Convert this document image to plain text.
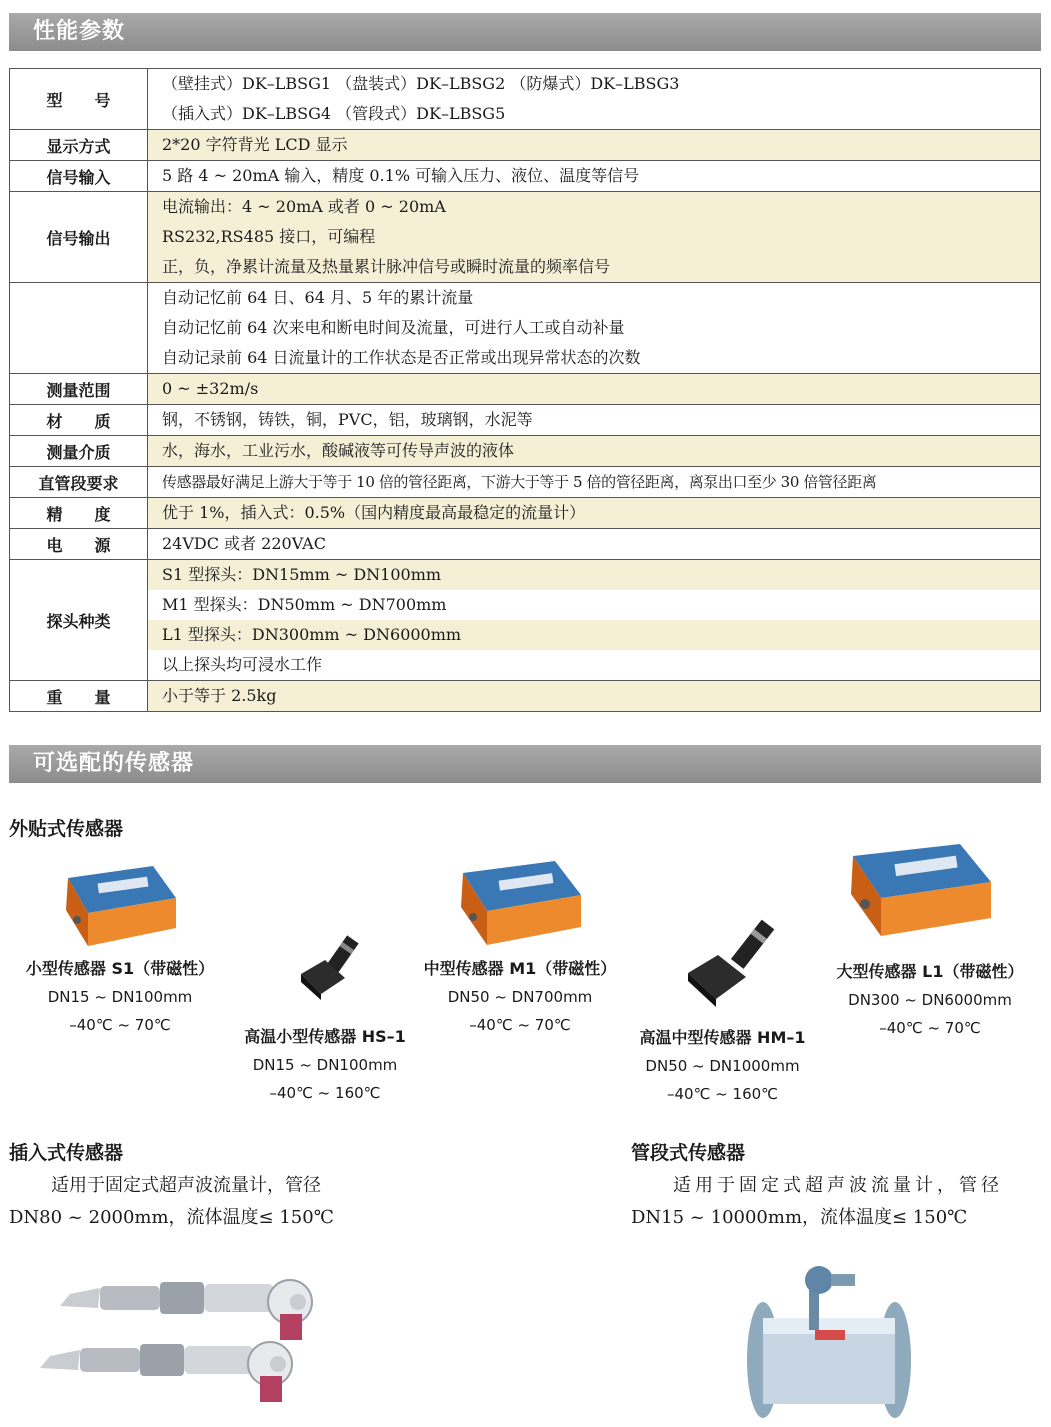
性能参数
型　　号	（壁挂式）DK–LBSG1 （盘装式）DK–LBSG2 （防爆式）DK–LBSG3
（插入式）DK–LBSG4 （管段式）DK–LBSG5

显示方式	2*20 字符背光 LCD 显示

信号输入	5 路 4 ~ 20mA 输入，精度 0.1% 可输入压力、液位、温度等信号

信号输出	电流输出：4 ~ 20mA 或者 0 ~ 20mA
RS232,RS485 接口，可编程
正，负，净累计流量及热量累计脉冲信号或瞬时流量的频率信号

	自动记忆前 64 日、64 月、5 年的累计流量
自动记忆前 64 次来电和断电时间及流量，可进行人工或自动补量
自动记录前 64 日流量计的工作状态是否正常或出现异常状态的次数

测量范围	0 ~ ±32m/s

材　　质	钢，不锈钢，铸铁，铜，PVC，铝，玻璃钢，水泥等

测量介质	水，海水，工业污水，酸碱液等可传导声波的液体

直管段要求	传感器最好满足上游大于等于 10 倍的管径距离，下游大于等于 5 倍的管径距离，离泵出口至少 30 倍管径距离

精　　度	优于 1%，插入式：0.5%（国内精度最高最稳定的流量计）

电　　源	24VDC 或者 220VAC

探头种类	S1 型探头：DN15mm ~ DN100mm
M1 型探头：DN50mm ~ DN700mm
L1 型探头：DN300mm ~ DN6000mm
以上探头均可浸水工作

重　　量	小于等于 2.5kg
可选配的传感器
外贴式传感器
小型传感器 S1（带磁性）
DN15 ~ DN100mm
–40℃ ~ 70℃
高温小型传感器 HS–1
DN15 ~ DN100mm
–40℃ ~ 160℃
中型传感器 M1（带磁性）
DN50 ~ DN700mm
–40℃ ~ 70℃
高温中型传感器 HM–1
DN50 ~ DN1000mm
–40℃ ~ 160℃
大型传感器 L1（带磁性）
DN300 ~ DN6000mm
–40℃ ~ 70℃
插入式传感器
适用于固定式超声波流量计，管径
DN80 ~ 2000mm，流体温度≤ 150℃
管段式传感器
适用于固定式超声波流量计，管径
DN15 ~ 10000mm，流体温度≤ 150℃
